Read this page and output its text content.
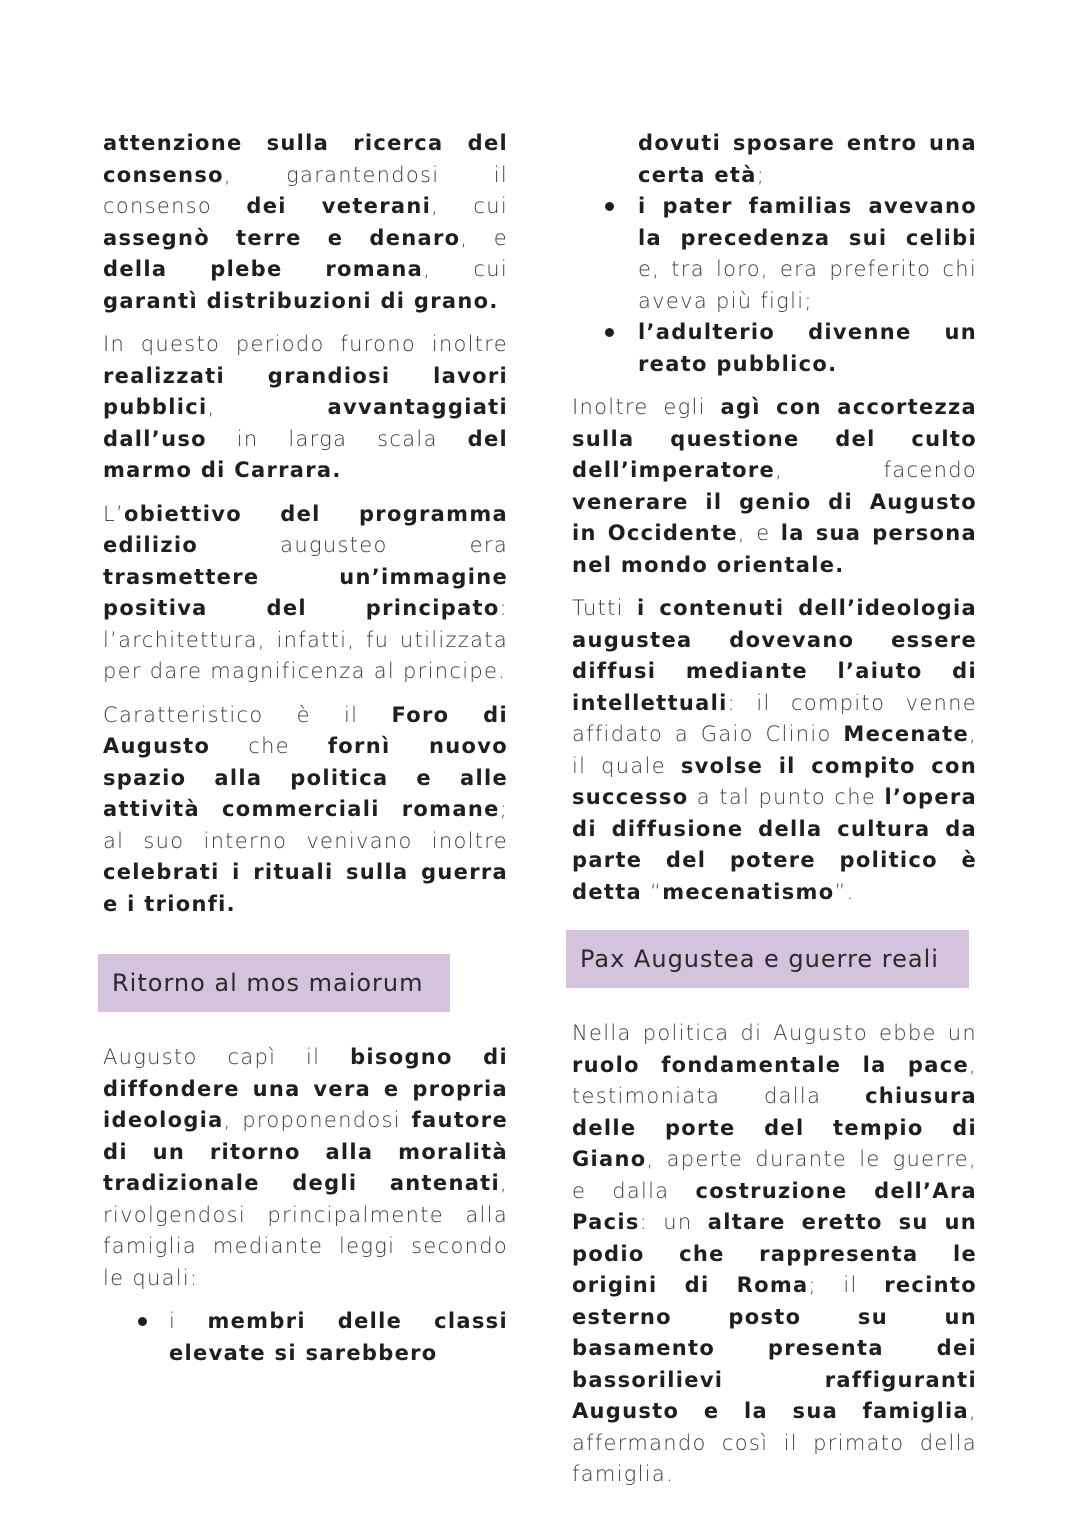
attenzione sulla ricerca del consenso, garantendosi il consenso dei veterani, cui assegnò terre e denaro, e della plebe romana, cui garantì distribuzioni di grano.

In questo periodo furono inoltre realizzati grandiosi lavori pubblici, avvantaggiati dall’uso in larga scala del marmo di Carrara.

L’obiettivo del programma edilizio augusteo era trasmettere un’immagine positiva del principato: l’architettura, infatti, fu utilizzata per dare magnificenza al principe.

Caratteristico è il Foro di Augusto che fornì nuovo spazio alla politica e alle attività commerciali romane; al suo interno venivano inoltre celebrati i rituali sulla guerra e i trionfi.

Ritorno al mos maiorum

Augusto capì il bisogno di diffondere una vera e propria ideologia, proponendosi fautore di un ritorno alla moralità tradizionale degli antenati, rivolgendosi principalmente alla famiglia mediante leggi secondo le quali:

i membri delle classi elevate si sarebbero
dovuti sposare entro una certa età;
i pater familias avevano la precedenza sui celibi e, tra loro, era preferito chi aveva più figli;
l’adulterio divenne un reato pubblico.

Inoltre egli agì con accortezza sulla questione del culto dell’imperatore, facendo venerare il genio di Augusto in Occidente, e la sua persona nel mondo orientale.

Tutti i contenuti dell’ideologia augustea dovevano essere diffusi mediante l’aiuto di intellettuali: il compito venne affidato a Gaio Clinio Mecenate, il quale svolse il compito con successo a tal punto che l’opera di diffusione della cultura da parte del potere politico è detta “mecenatismo”.

Pax Augustea e guerre reali

Nella politica di Augusto ebbe un ruolo fondamentale la pace, testimoniata dalla chiusura delle porte del tempio di Giano, aperte durante le guerre, e dalla costruzione dell’Ara Pacis: un altare eretto su un podio che rappresenta le origini di Roma; il recinto esterno posto su un basamento presenta dei bassorilievi raffiguranti Augusto e la sua famiglia, affermando così il primato della famiglia.
